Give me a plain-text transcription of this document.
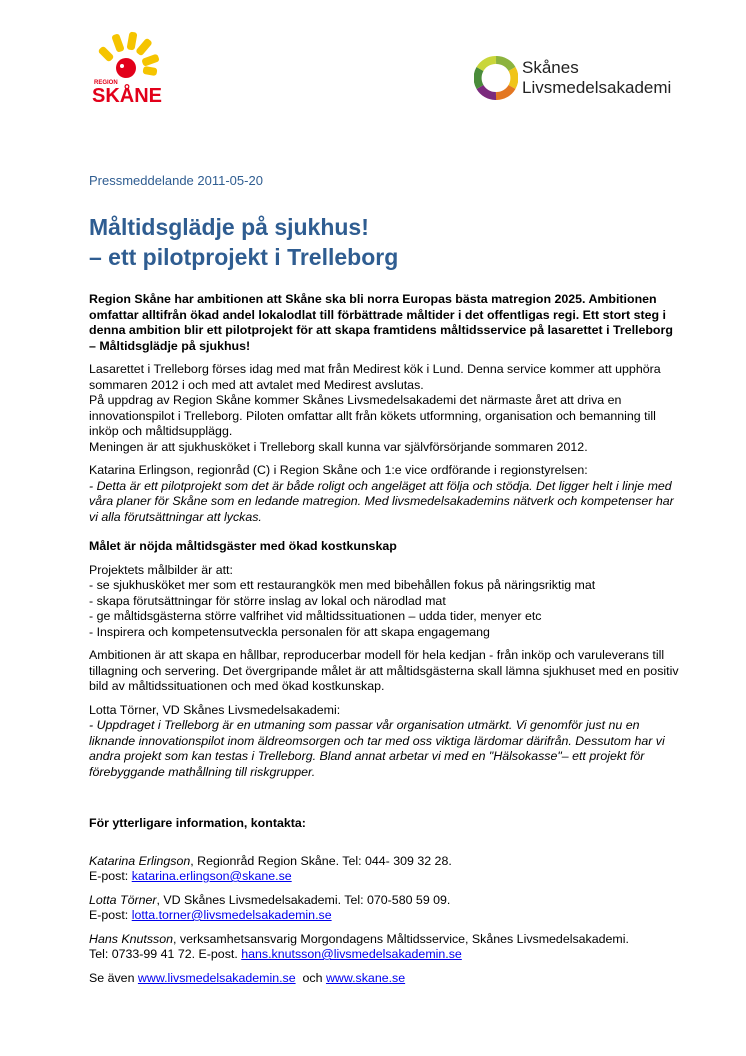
REGION
SKÅNE
Skånes
Livsmedelsakademi
Pressmeddelande 2011-05-20
Måltidsglädje på sjukhus!
– ett pilotprojekt i Trelleborg

Region Skåne har ambitionen att Skåne ska bli norra Europas bästa matregion 2025. Ambitionen omfattar alltifrån ökad andel lokalodlat till förbättrade måltider i det offentligas regi. Ett stort steg i denna ambition blir ett pilotprojekt för att skapa framtidens måltidsservice på lasarettet i Trelleborg – Måltidsglädje på sjukhus!

Lasarettet i Trelleborg förses idag med mat från Medirest kök i Lund. Denna service kommer att upphöra sommaren 2012 i och med att avtalet med Medirest avslutas.
På uppdrag av Region Skåne kommer Skånes Livsmedelsakademi det närmaste året att driva en innovationspilot i Trelleborg. Piloten omfattar allt från kökets utformning, organisation och bemanning till inköp och måltidsupplägg.
Meningen är att sjukhusköket i Trelleborg skall kunna var självförsörjande sommaren 2012.

Katarina Erlingson, regionråd (C) i Region Skåne och 1:e vice ordförande i regionstyrelsen:
- Detta är ett pilotprojekt som det är både roligt och angeläget att följa och stödja. Det ligger helt i linje med våra planer för Skåne som en ledande matregion. Med livsmedelsakademins nätverk och kompetenser har vi alla förutsättningar att lyckas.

Målet är nöjda måltidsgäster med ökad kostkunskap

Projektets målbilder är att:
- se sjukhusköket mer som ett restaurangkök men med bibehållen fokus på näringsriktig mat
- skapa förutsättningar för större inslag av lokal och närodlad mat
- ge måltidsgästerna större valfrihet vid måltidssituationen – udda tider, menyer etc
- Inspirera och kompetensutveckla personalen för att skapa engagemang

Ambitionen är att skapa en hållbar, reproducerbar modell för hela kedjan - från inköp och varuleverans till tillagning och servering. Det övergripande målet är att måltidsgästerna skall lämna sjukhuset med en positiv bild av måltidssituationen och med ökad kostkunskap.

Lotta Törner, VD Skånes Livsmedelsakademi:
- Uppdraget i Trelleborg är en utmaning som passar vår organisation utmärkt. Vi genomför just nu en liknande innovationspilot inom äldreomsorgen och tar med oss viktiga lärdomar därifrån. Dessutom har vi andra projekt som kan testas i Trelleborg. Bland annat arbetar vi med en "Hälsokasse"– ett projekt för förebyggande mathållning till riskgrupper.

För ytterligare information, kontakta:

Katarina Erlingson, Regionråd Region Skåne. Tel: 044- 309 32 28.
E-post: katarina.erlingson@skane.se

Lotta Törner, VD Skånes Livsmedelsakademi. Tel: 070-580 59 09.
E-post: lotta.torner@livsmedelsakademin.se

Hans Knutsson, verksamhetsansvarig Morgondagens Måltidsservice, Skånes Livsmedelsakademi.
Tel: 0733-99 41 72. E-post. hans.knutsson@livsmedelsakademin.se

Se även www.livsmedelsakademin.se  och www.skane.se
